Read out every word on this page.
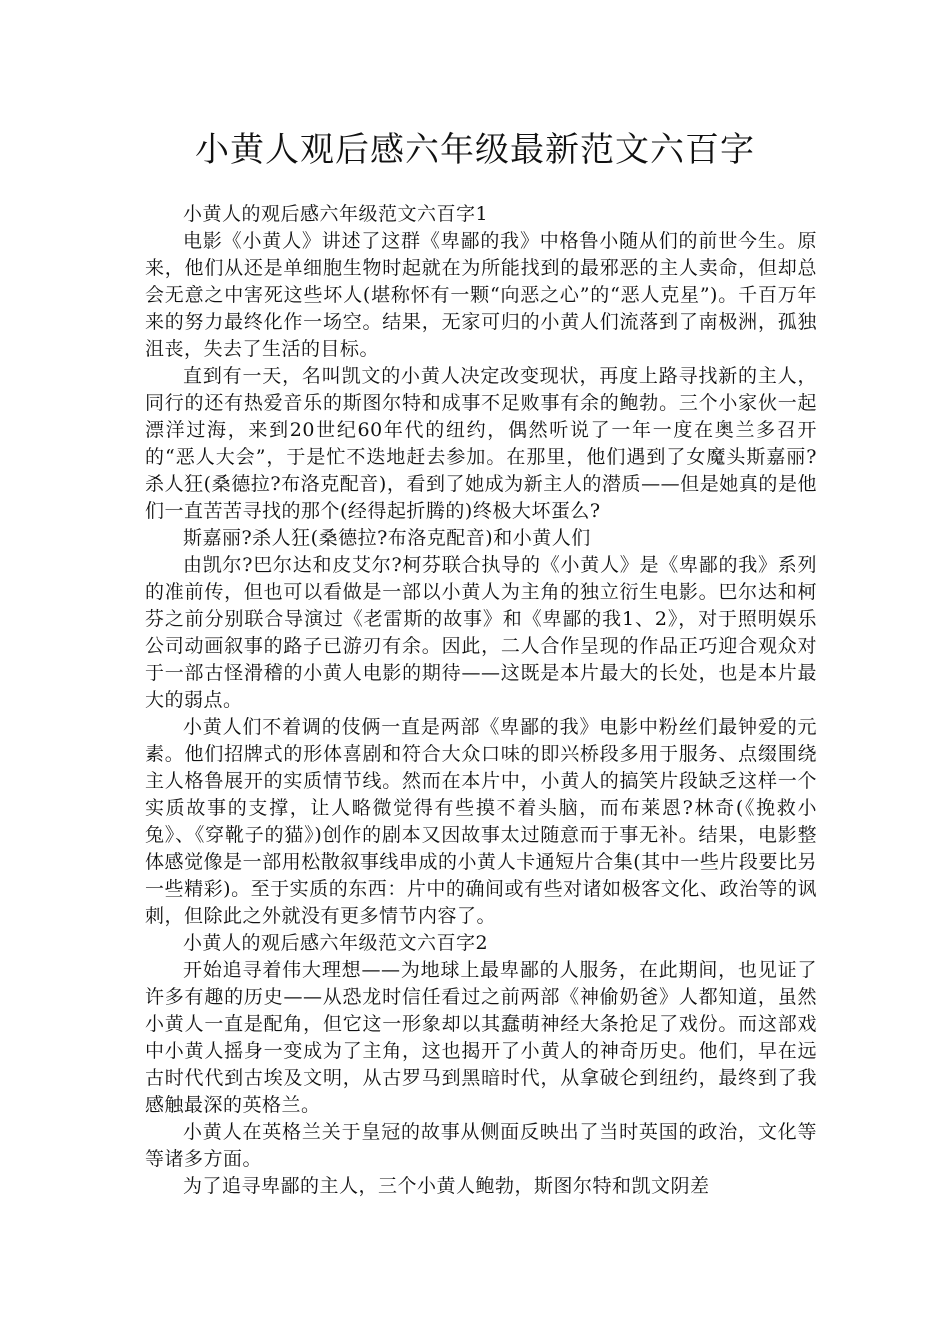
小黄人观后感六年级最新范文六百字

小黄人的观后感六年级范文六百字1

电影《小黄人》讲述了这群《卑鄙的我》中格鲁小随从们的前世今生。原来，他们从还是单细胞生物时起就在为所能找到的最邪恶的主人卖命，但却总会无意之中害死这些坏人(堪称怀有一颗“向恶之心”的“恶人克星”)。千百万年来的努力最终化作一场空。结果，无家可归的小黄人们流落到了南极洲，孤独沮丧，失去了生活的目标。

直到有一天，名叫凯文的小黄人决定改变现状，再度上路寻找新的主人，同行的还有热爱音乐的斯图尔特和成事不足败事有余的鲍勃。三个小家伙一起漂洋过海，来到20世纪60年代的纽约，偶然听说了一年一度在奥兰多召开的“恶人大会”，于是忙不迭地赶去参加。在那里，他们遇到了女魔头斯嘉丽?杀人狂(桑德拉?布洛克配音)，看到了她成为新主人的潜质——但是她真的是他们一直苦苦寻找的那个(经得起折腾的)终极大坏蛋么?

斯嘉丽?杀人狂(桑德拉?布洛克配音)和小黄人们

由凯尔?巴尔达和皮艾尔?柯芬联合执导的《小黄人》是《卑鄙的我》系列的准前传，但也可以看做是一部以小黄人为主角的独立衍生电影。巴尔达和柯芬之前分别联合导演过《老雷斯的故事》和《卑鄙的我1、2》，对于照明娱乐公司动画叙事的路子已游刃有余。因此，二人合作呈现的作品正巧迎合观众对于一部古怪滑稽的小黄人电影的期待——这既是本片最大的长处，也是本片最大的弱点。

小黄人们不着调的伎俩一直是两部《卑鄙的我》电影中粉丝们最钟爱的元素。他们招牌式的形体喜剧和符合大众口味的即兴桥段多用于服务、点缀围绕主人格鲁展开的实质情节线。然而在本片中，小黄人的搞笑片段缺乏这样一个实质故事的支撑，让人略微觉得有些摸不着头脑，而布莱恩?林奇(《挽救小兔》、《穿靴子的猫》)创作的剧本又因故事太过随意而于事无补。结果，电影整体感觉像是一部用松散叙事线串成的小黄人卡通短片合集(其中一些片段要比另一些精彩)。至于实质的东西：片中的确间或有些对诸如极客文化、政治等的讽刺，但除此之外就没有更多情节内容了。

小黄人的观后感六年级范文六百字2

开始追寻着伟大理想——为地球上最卑鄙的人服务，在此期间，也见证了许多有趣的历史——从恐龙时信任看过之前两部《神偷奶爸》人都知道，虽然小黄人一直是配角，但它这一形象却以其蠢萌神经大条抢足了戏份。而这部戏中小黄人摇身一变成为了主角，这也揭开了小黄人的神奇历史。他们，早在远古时代代到古埃及文明，从古罗马到黑暗时代，从拿破仑到纽约，最终到了我感触最深的英格兰。

小黄人在英格兰关于皇冠的故事从侧面反映出了当时英国的政治，文化等等诸多方面。

为了追寻卑鄙的主人，三个小黄人鲍勃，斯图尔特和凯文阴差
